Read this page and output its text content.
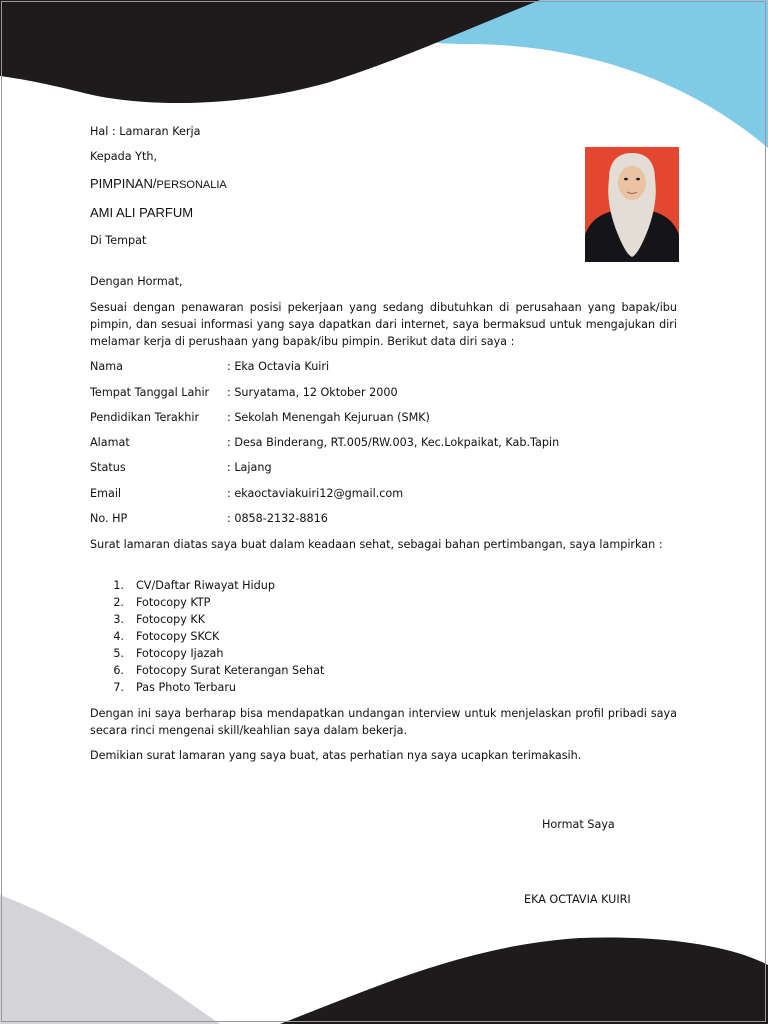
Hal : Lamaran Kerja
Kepada Yth,
PIMPINAN/PERSONALIA
AMI ALI PARFUM
Di Tempat
Dengan Hormat,
Sesuai dengan penawaran posisi pekerjaan yang sedang dibutuhkan di perusahaan yang bapak/ibu pimpin, dan sesuai informasi yang saya dapatkan dari internet, saya bermaksud untuk mengajukan diri melamar kerja di perushaan yang bapak/ibu pimpin. Berikut data diri saya :
Nama	: Eka Octavia Kuiri
Tempat Tanggal Lahir : Suryatama, 12 Oktober 2000
Pendidikan Terakhir : Sekolah Menengah Kejuruan (SMK)
Alamat	: Desa Binderang, RT.005/RW.003, Kec.Lokpaikat, Kab.Tapin
Status	: Lajang
Email	: ekaoctaviakuiri12@gmail.com
No. HP	: 0858-2132-8816
Surat lamaran diatas saya buat dalam keadaan sehat, sebagai bahan pertimbangan, saya lampirkan :
1. CV/Daftar Riwayat Hidup
2. Fotocopy KTP
3. Fotocopy KK
4. Fotocopy SKCK
5. Fotocopy Ijazah
6. Fotocopy Surat Keterangan Sehat
7. Pas Photo Terbaru
Dengan ini saya berharap bisa mendapatkan undangan interview untuk menjelaskan profil pribadi saya secara rinci mengenai skill/keahlian saya dalam bekerja.
Demikian surat lamaran yang saya buat, atas perhatian nya saya ucapkan terimakasih.
Hormat Saya
EKA OCTAVIA KUIRI
